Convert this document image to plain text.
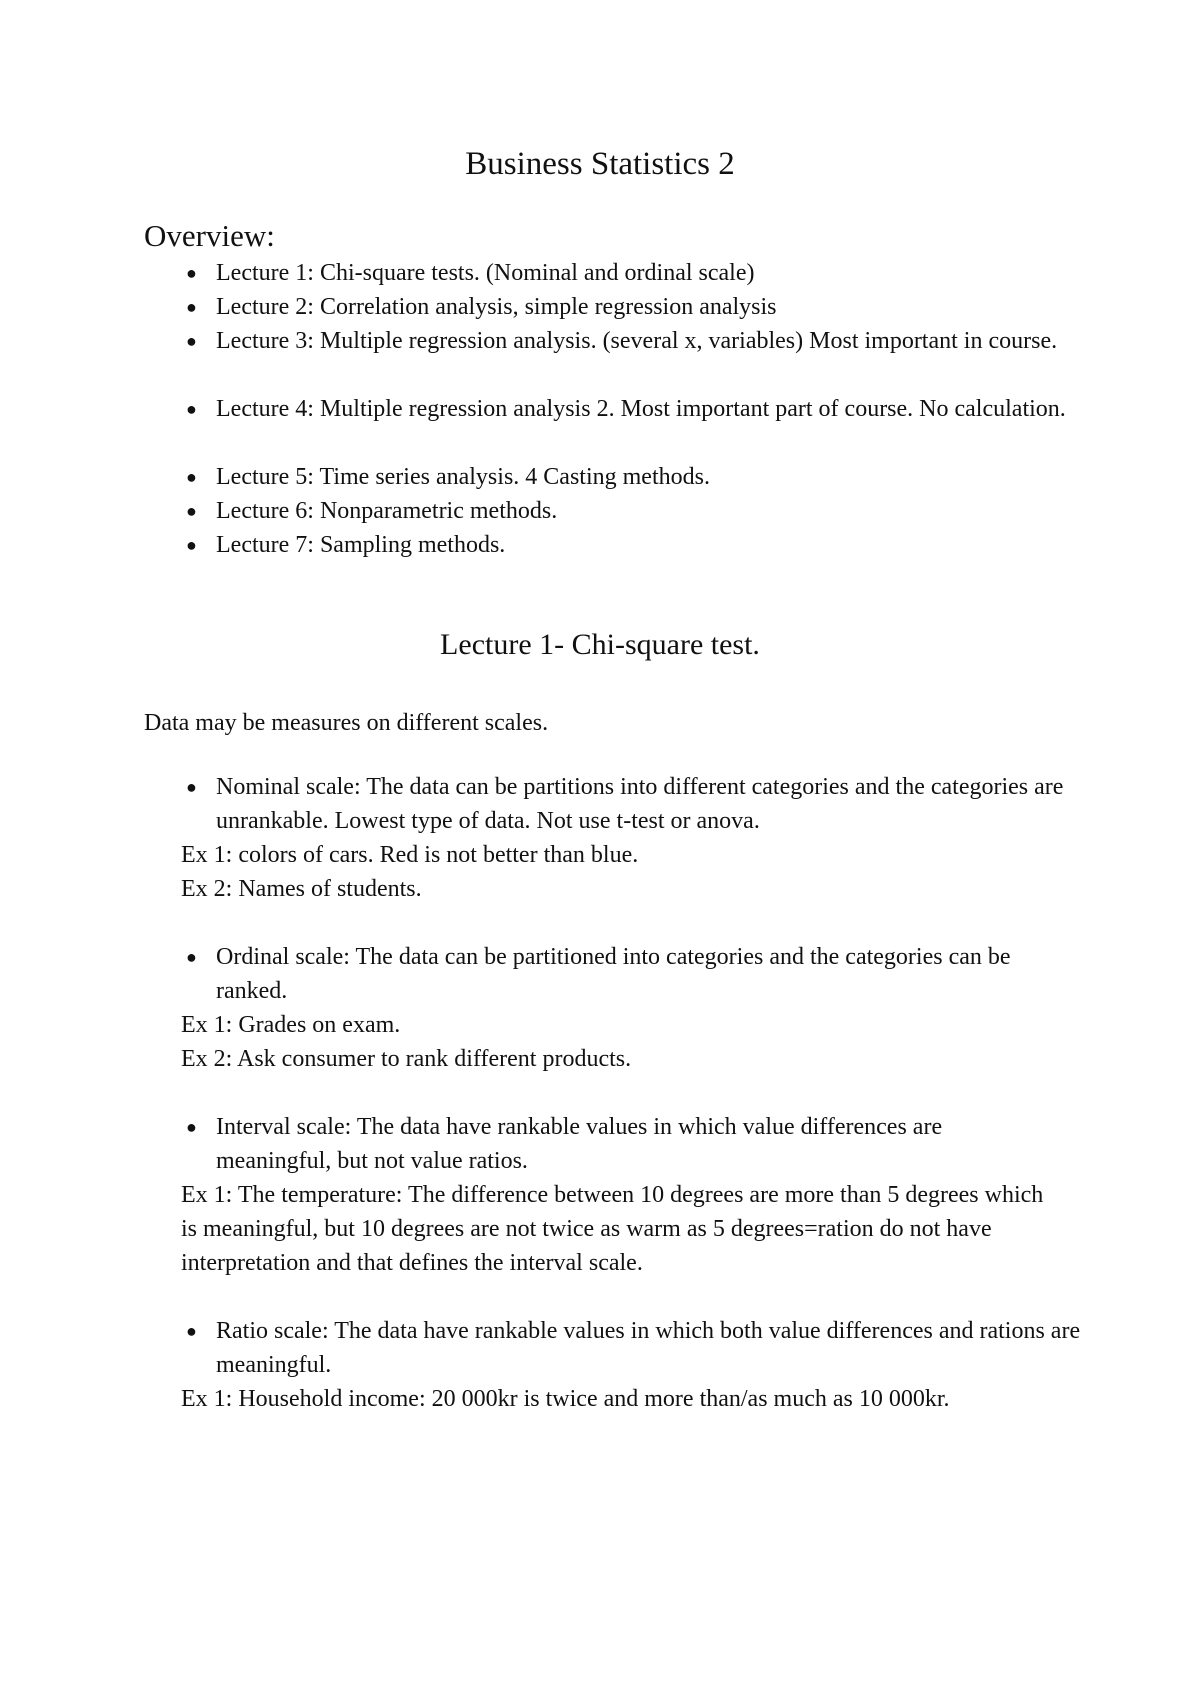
Business Statistics 2
Overview:
● Lecture 1: Chi-square tests. (Nominal and ordinal scale)
● Lecture 2: Correlation analysis, simple regression analysis
● Lecture 3: Multiple regression analysis. (several x, variables) Most important in course.
● Lecture 4: Multiple regression analysis 2. Most important part of course. No calculation.
● Lecture 5: Time series analysis. 4 Casting methods.
● Lecture 6: Nonparametric methods.
● Lecture 7: Sampling methods.
Lecture 1- Chi-square test.

Data may be measures on different scales.

● Nominal scale: The data can be partitions into different categories and the categories are unrankable. Lowest type of data. Not use t-test or anova.

Ex 1: colors of cars. Red is not better than blue.

Ex 2: Names of students.

● Ordinal scale: The data can be partitioned into categories and the categories can be ranked.

Ex 1: Grades on exam.

Ex 2: Ask consumer to rank different products.

● Interval scale: The data have rankable values in which value differences are meaningful, but not value ratios.

Ex 1: The temperature: The difference between 10 degrees are more than 5 degrees which is meaningful, but 10 degrees are not twice as warm as 5 degrees=ration do not have interpretation and that defines the interval scale.

● Ratio scale: The data have rankable values in which both value differences and rations are meaningful.

Ex 1: Household income: 20 000kr is twice and more than/as much as 10 000kr.
